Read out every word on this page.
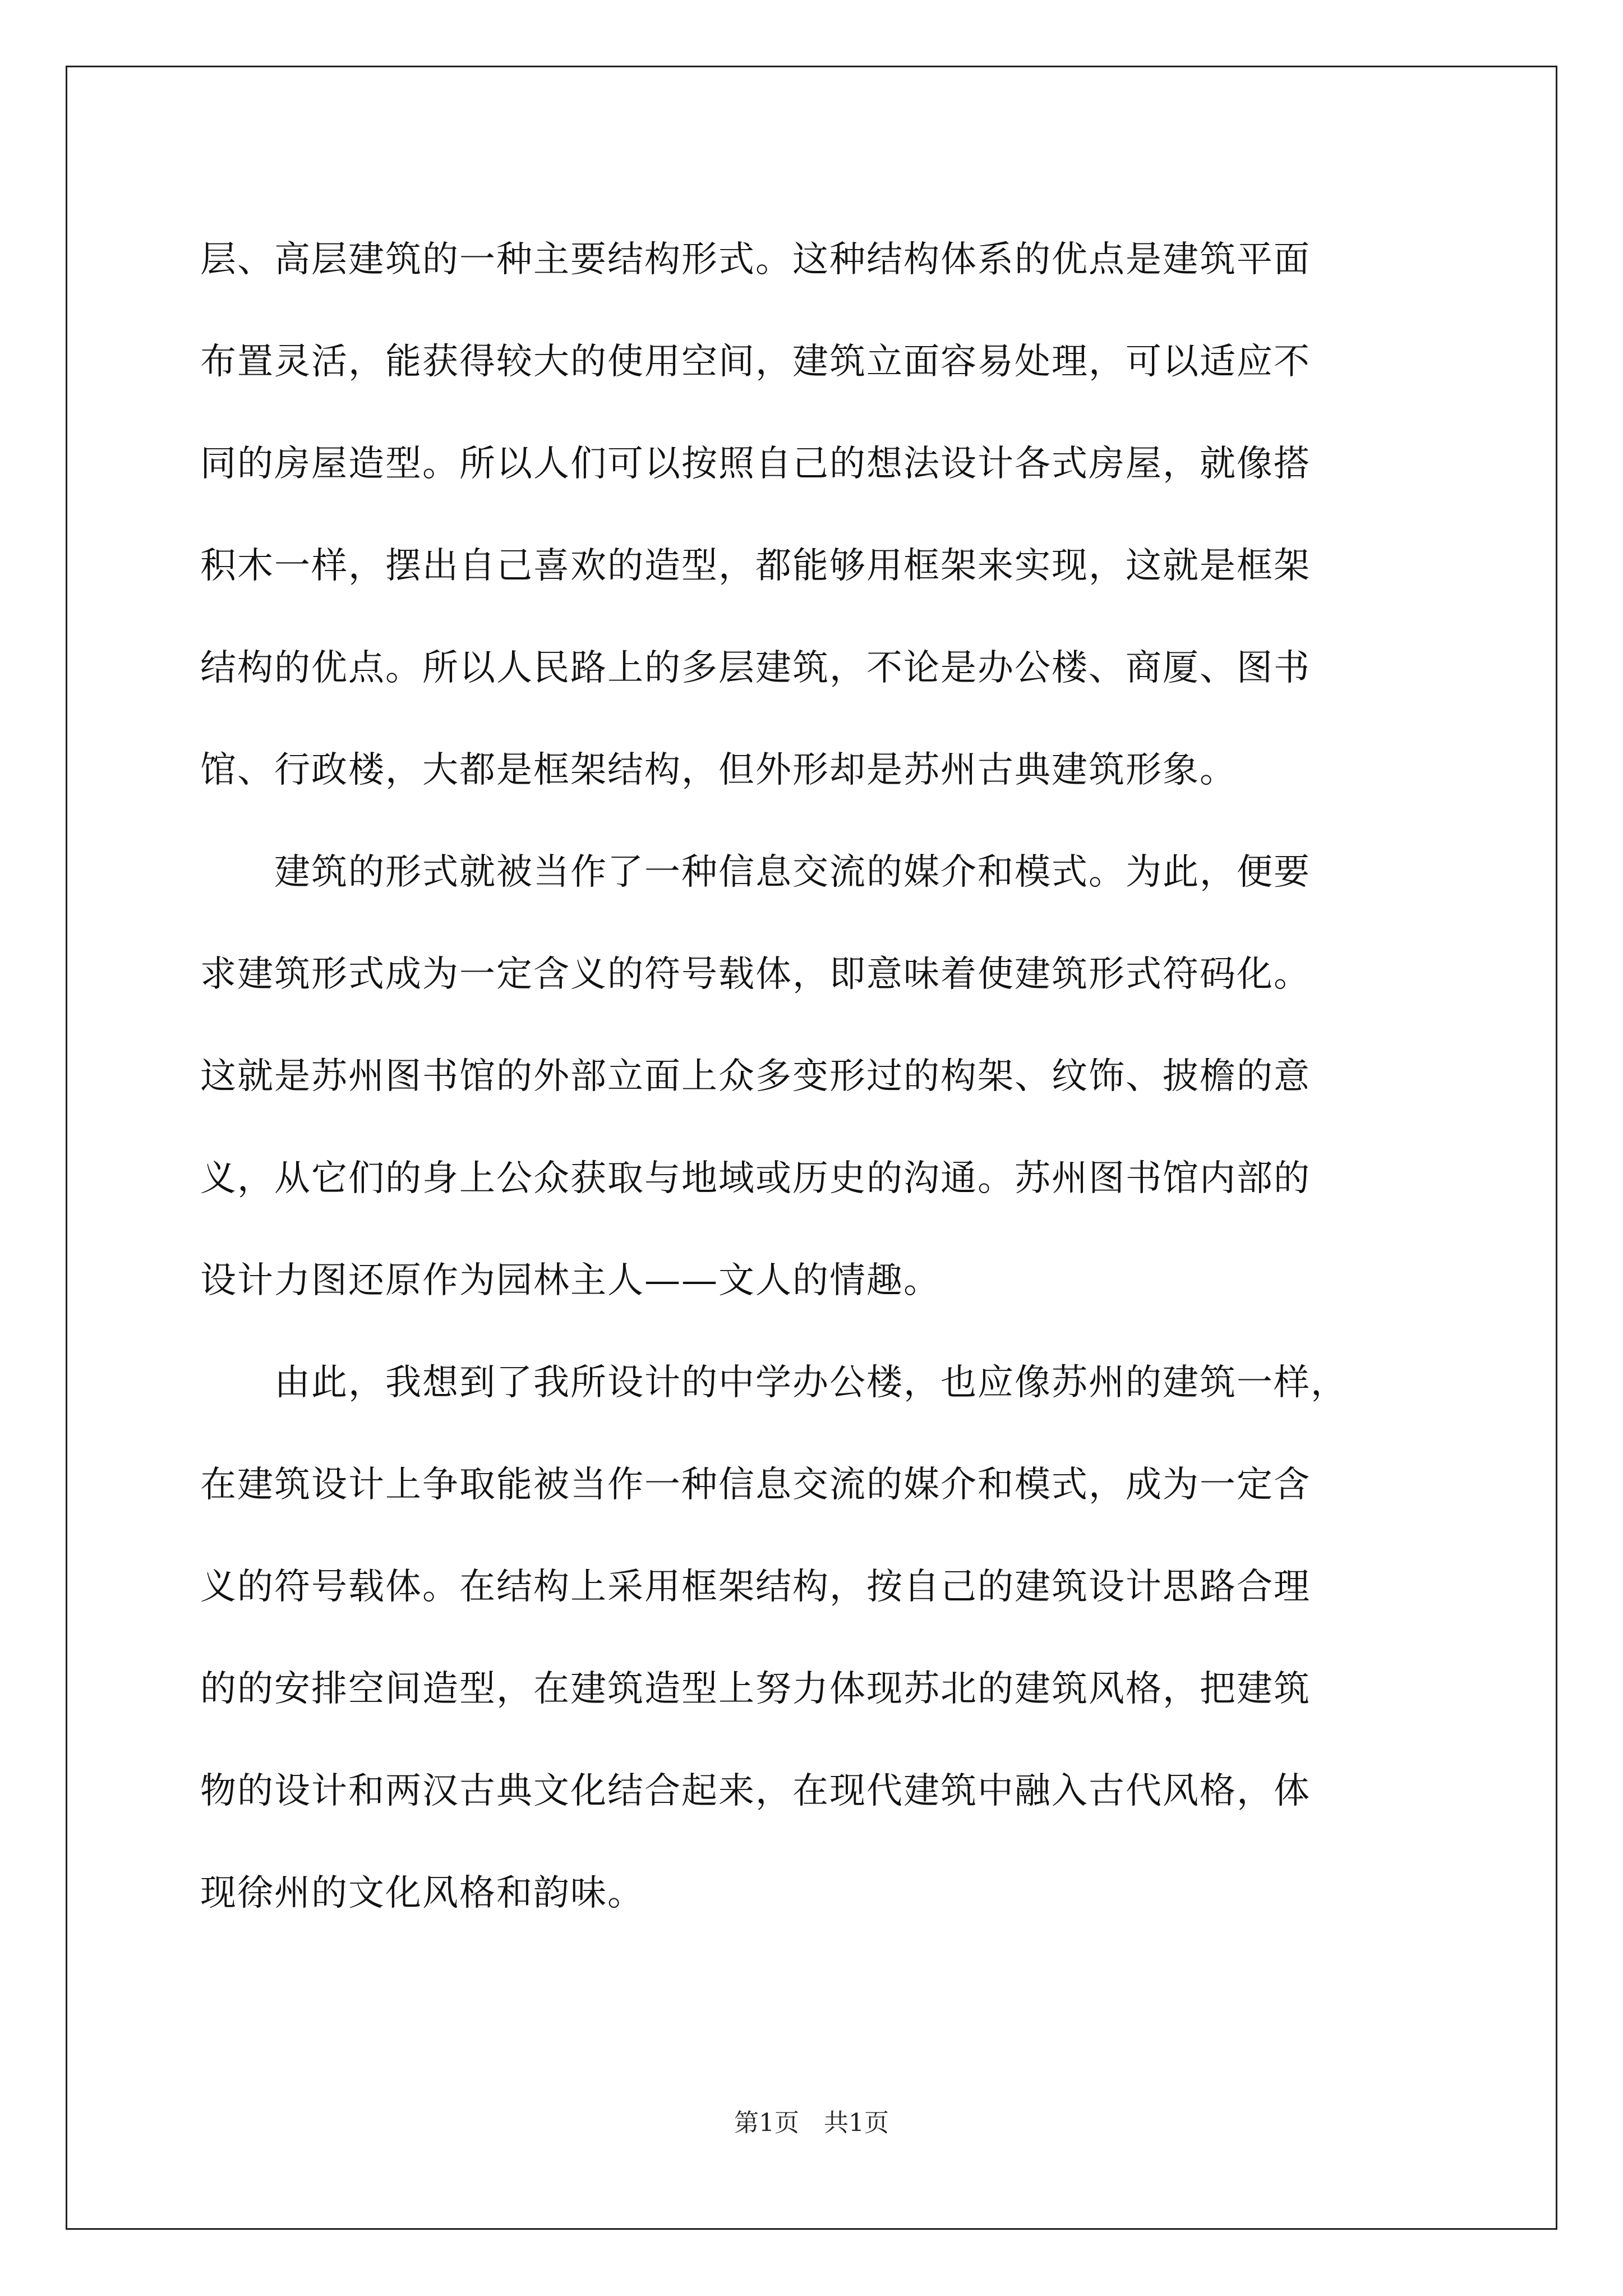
层、高层建筑的一种主要结构形式。这种结构体系的优点是建筑平面
布置灵活，能获得较大的使用空间，建筑立面容易处理，可以适应不
同的房屋造型。所以人们可以按照自己的想法设计各式房屋，就像搭
积木一样，摆出自己喜欢的造型，都能够用框架来实现，这就是框架
结构的优点。所以人民路上的多层建筑，不论是办公楼、商厦、图书
馆、行政楼，大都是框架结构，但外形却是苏州古典建筑形象。
　　建筑的形式就被当作了一种信息交流的媒介和模式。为此，便要
求建筑形式成为一定含义的符号载体，即意味着使建筑形式符码化。
这就是苏州图书馆的外部立面上众多变形过的构架、纹饰、披檐的意
义，从它们的身上公众获取与地域或历史的沟通。苏州图书馆内部的
设计力图还原作为园林主人——文人的情趣。
　　由此，我想到了我所设计的中学办公楼，也应像苏州的建筑一样，
在建筑设计上争取能被当作一种信息交流的媒介和模式，成为一定含
义的符号载体。在结构上采用框架结构，按自己的建筑设计思路合理
的的安排空间造型，在建筑造型上努力体现苏北的建筑风格，把建筑
物的设计和两汉古典文化结合起来，在现代建筑中融入古代风格，体
现徐州的文化风格和韵味。
第1页　共1页
